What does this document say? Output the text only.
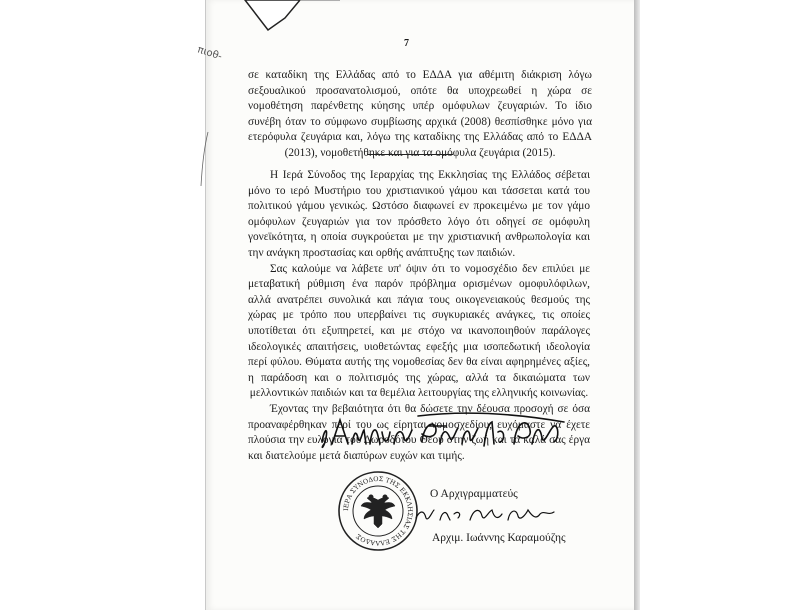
πιοθ-
7

σε καταδίκη της Ελλάδας από το ΕΔΔΑ για αθέμιτη διάκριση λόγω σεξουαλικού προσανατολισμού, οπότε θα υποχρεωθεί η χώρα σε νομοθέτηση παρένθετης κύησης υπέρ ομόφυλων ζευγαριών. Το ίδιο συνέβη όταν το σύμφωνο συμβίωσης αρχικά (2008) θεσπίσθηκε μόνο για ετερόφυλα ζευγάρια και, λόγω της καταδίκης της Ελλάδας από το ΕΔΔΑ (2013), νομοθετήθηκε και για τα ομόφυλα ζευγάρια (2015).

Η Ιερά Σύνοδος της Ιεραρχίας της Εκκλησίας της Ελλάδος σέβεται μόνο το ιερό Μυστήριο του χριστιανικού γάμου και τάσσεται κατά του πολιτικού γάμου γενικώς. Ωστόσο διαφωνεί εν προκειμένω με τον γάμο ομόφυλων ζευγαριών για τον πρόσθετο λόγο ότι οδηγεί σε ομόφυλη γονεϊκότητα, η οποία συγκρούεται με την χριστιανική ανθρωπολογία και την ανάγκη προστασίας και ορθής ανάπτυξης των παιδιών.

Σας καλούμε να λάβετε υπ' όψιν ότι το νομοσχέδιο δεν επιλύει με μεταβατική ρύθμιση ένα παρόν πρόβλημα ορισμένων ομοφυλόφιλων, αλλά ανατρέπει συνολικά και πάγια τους οικογενειακούς θεσμούς της χώρας με τρόπο που υπερβαίνει τις συγκυριακές ανάγκες, τις οποίες υποτίθεται ότι εξυπηρετεί, και με στόχο να ικανοποιηθούν παράλογες ιδεολογικές απαιτήσεις, υιοθετώντας εφεξής μια ισοπεδωτική ιδεολογία περί φύλου. Θύματα αυτής της νομοθεσίας δεν θα είναι αφηρημένες αξίες, η παράδοση και ο πολιτισμός της χώρας, αλλά τα δικαιώματα των μελλοντικών παιδιών και τα θεμέλια λειτουργίας της ελληνικής κοινωνίας.

Έχοντας την βεβαιότητα ότι θα δώσετε την δέουσα προσοχή σε όσα προαναφέρθηκαν περί του ως είρηται νομοσχεδίου, ευχόμαστε να έχετε πλούσια την ευλογία του Δωροδότου Θεού στην ζωή και τα καλά σας έργα και διατελούμε μετά διαπύρων ευχών και τιμής.

ΙΕΡΑ ΣΥΝΟΔΟΣ ΤΗΣ ΕΚΚΛΗΣΙΑΣ ΤΗΣ ΕΛΛΑΔΟΣ
Ο Αρχιγραμματεύς
Αρχιμ. Ιωάννης Καραμούζης
